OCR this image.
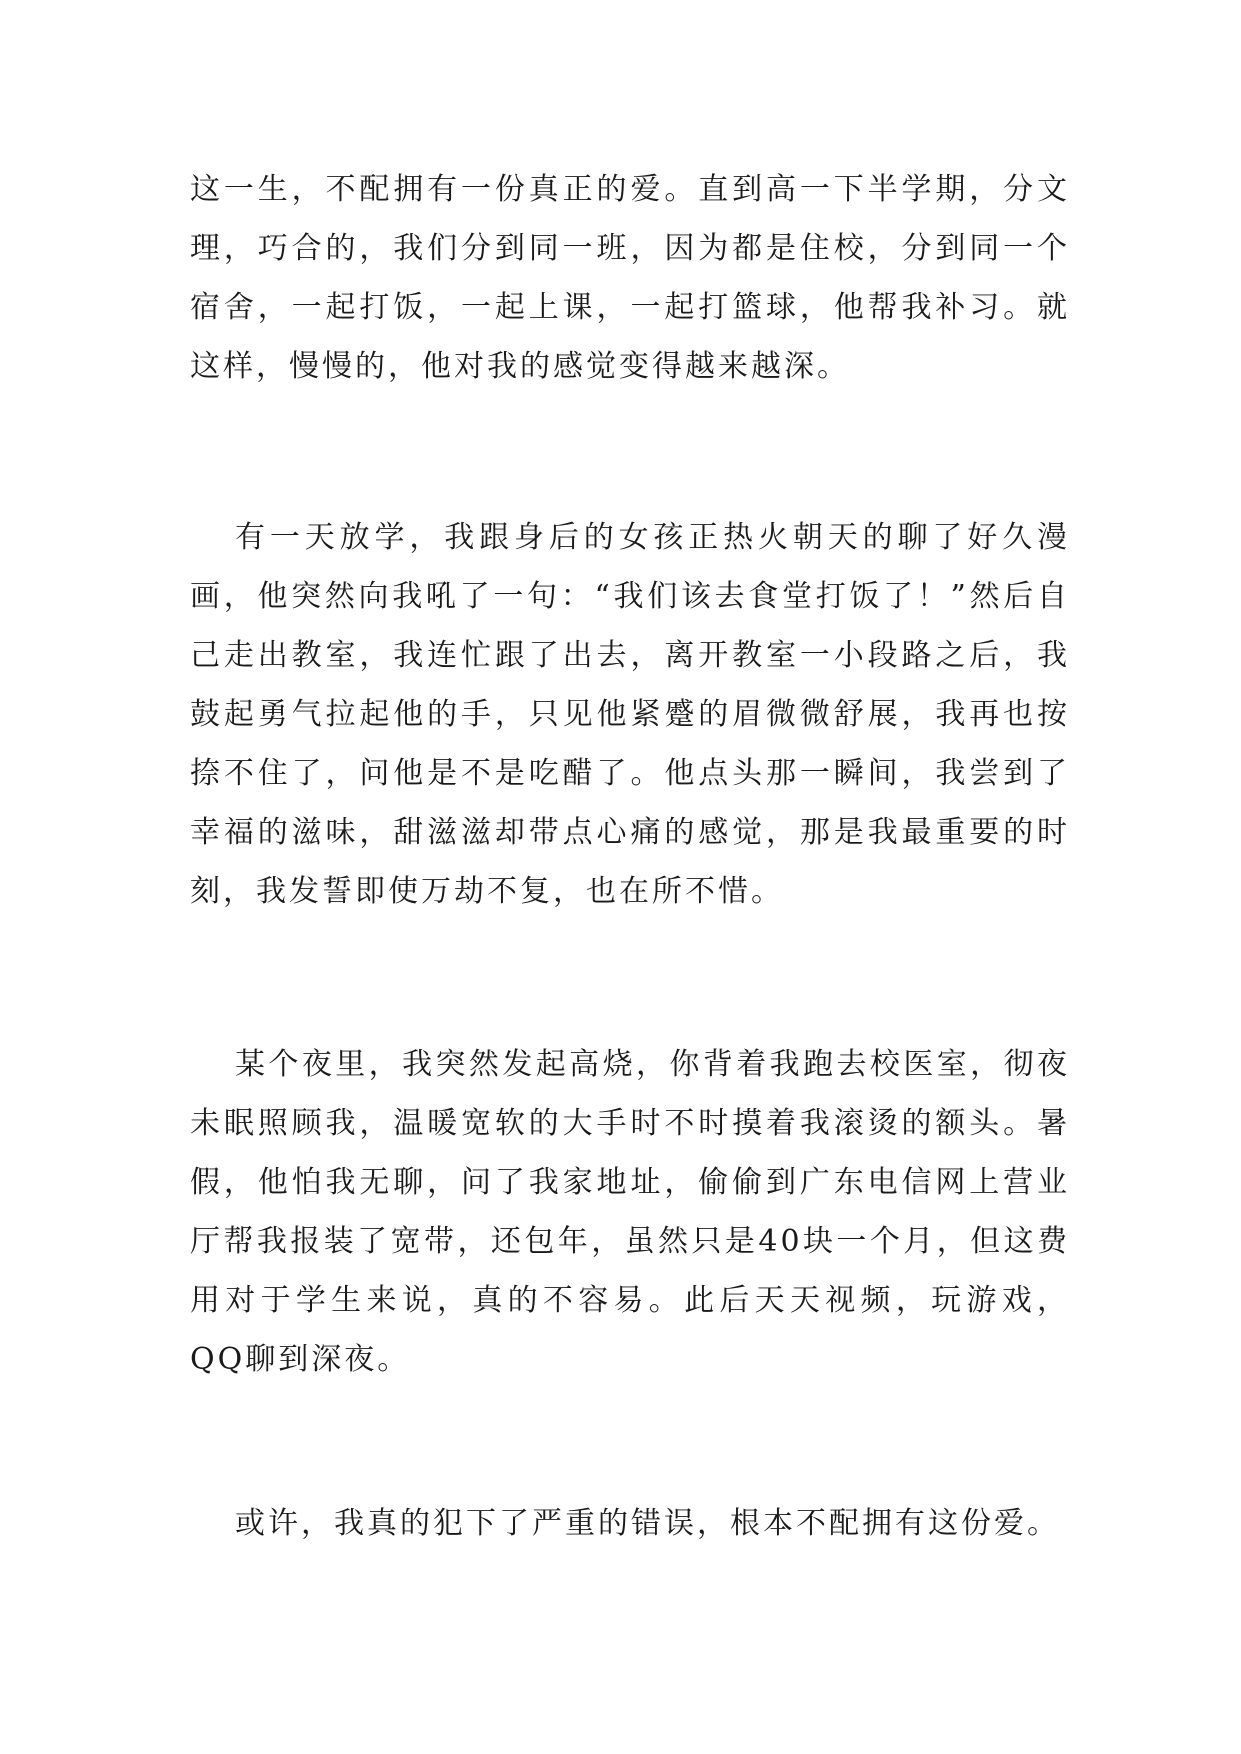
这一生，不配拥有一份真正的爱。直到高一下半学期，分文理，巧合的，我们分到同一班，因为都是住校，分到同一个宿舍，一起打饭，一起上课，一起打篮球，他帮我补习。就这样，慢慢的，他对我的感觉变得越来越深。

有一天放学，我跟身后的女孩正热火朝天的聊了好久漫画，他突然向我吼了一句：“我们该去食堂打饭了！”然后自己走出教室，我连忙跟了出去，离开教室一小段路之后，我鼓起勇气拉起他的手，只见他紧蹙的眉微微舒展，我再也按捺不住了，问他是不是吃醋了。他点头那一瞬间，我尝到了幸福的滋味，甜滋滋却带点心痛的感觉，那是我最重要的时刻，我发誓即使万劫不复，也在所不惜。

某个夜里，我突然发起高烧，你背着我跑去校医室，彻夜未眠照顾我，温暖宽软的大手时不时摸着我滚烫的额头。暑假，他怕我无聊，问了我家地址，偷偷到广东电信网上营业厅帮我报装了宽带，还包年，虽然只是40块一个月，但这费用对于学生来说，真的不容易。此后天天视频，玩游戏，QQ聊到深夜。

或许，我真的犯下了严重的错误，根本不配拥有这份爱。
